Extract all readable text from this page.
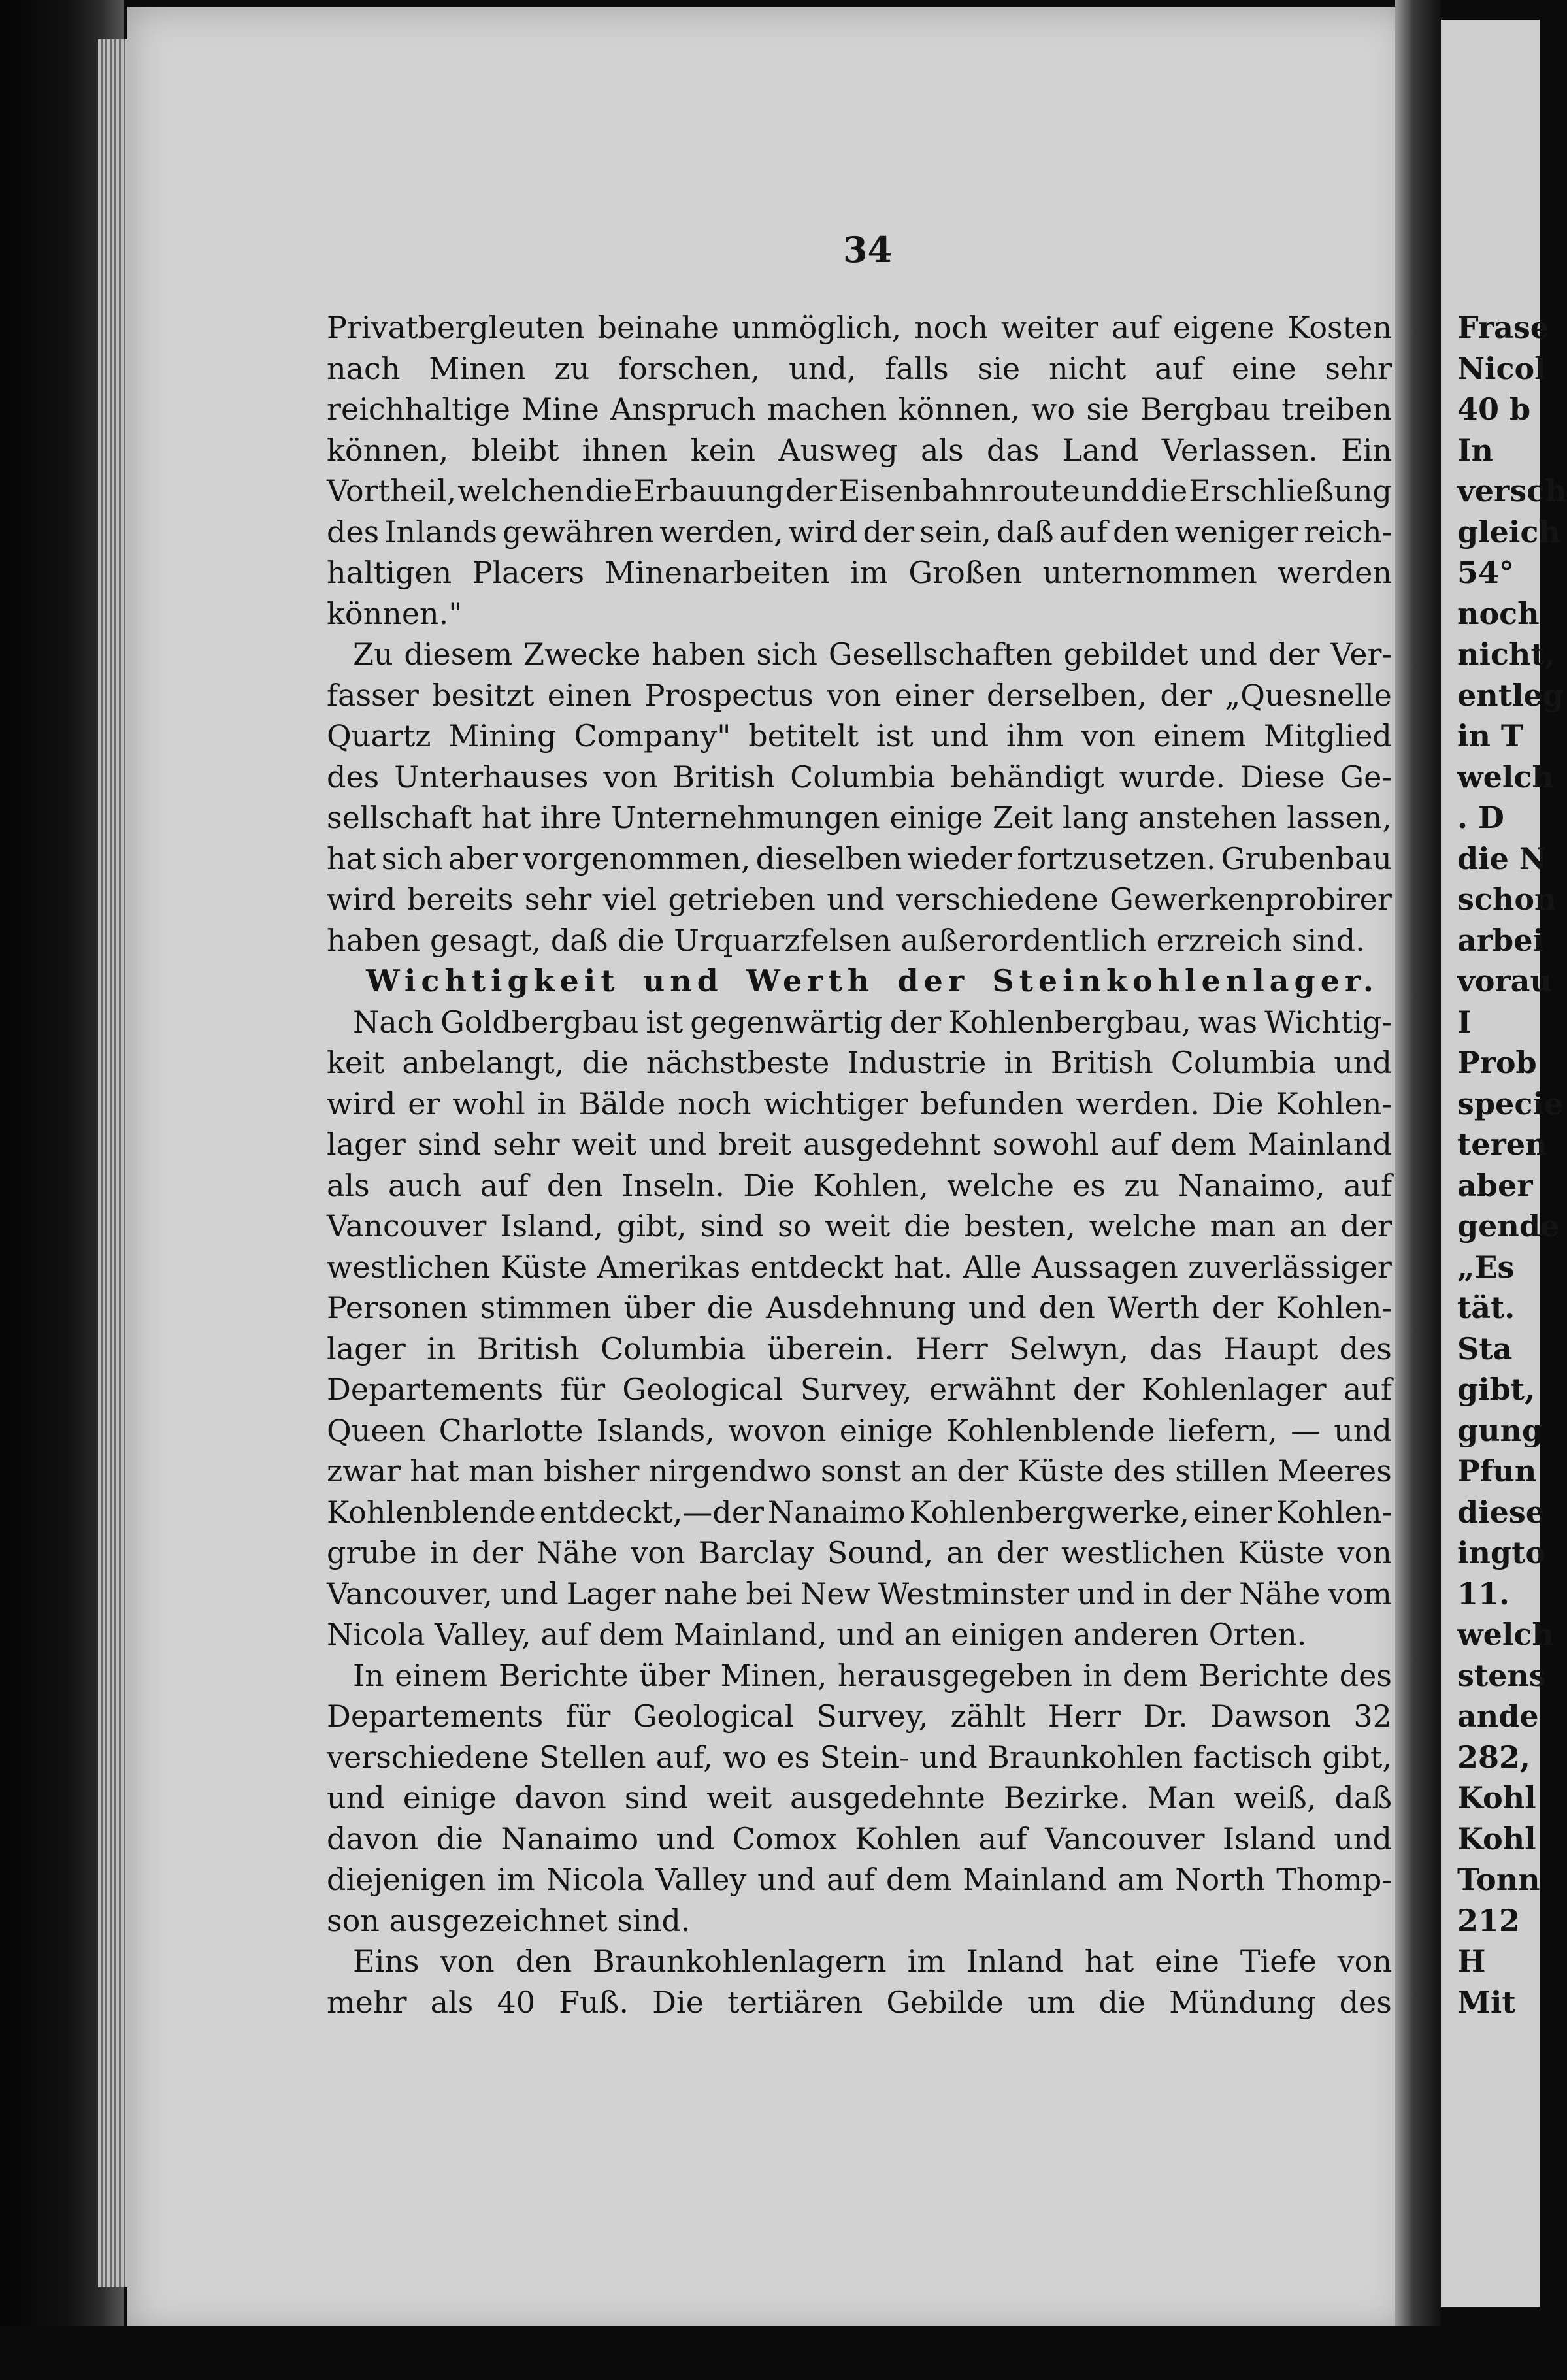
34
Privatbergleuten beinahe unmöglich, noch weiter auf eigene Kosten
nach Minen zu forschen, und, falls sie nicht auf eine sehr
reichhaltige Mine Anspruch machen können, wo sie Bergbau treiben
können, bleibt ihnen kein Ausweg als das Land Verlassen. Ein
Vortheil, welchen die Erbauung der Eisenbahnroute und die Erschließung
des Inlands gewähren werden, wird der sein, daß auf den weniger reich-
haltigen Placers Minenarbeiten im Großen unternommen werden
können."
Zu diesem Zwecke haben sich Gesellschaften gebildet und der Ver-
fasser besitzt einen Prospectus von einer derselben, der „Quesnelle
Quartz Mining Company" betitelt ist und ihm von einem Mitglied
des Unterhauses von British Columbia behändigt wurde. Diese Ge-
sellschaft hat ihre Unternehmungen einige Zeit lang anstehen lassen,
hat sich aber vorgenommen, dieselben wieder fortzusetzen. Grubenbau
wird bereits sehr viel getrieben und verschiedene Gewerkenprobirer
haben gesagt, daß die Urquarzfelsen außerordentlich erzreich sind.
Wichtigkeit und Werth der Steinkohlenlager.
Nach Goldbergbau ist gegenwärtig der Kohlenbergbau, was Wichtig-
keit anbelangt, die nächstbeste Industrie in British Columbia und
wird er wohl in Bälde noch wichtiger befunden werden. Die Kohlen-
lager sind sehr weit und breit ausgedehnt sowohl auf dem Mainland
als auch auf den Inseln. Die Kohlen, welche es zu Nanaimo, auf
Vancouver Island, gibt, sind so weit die besten, welche man an der
westlichen Küste Amerikas entdeckt hat. Alle Aussagen zuverlässiger
Personen stimmen über die Ausdehnung und den Werth der Kohlen-
lager in British Columbia überein. Herr Selwyn, das Haupt des
Departements für Geological Survey, erwähnt der Kohlenlager auf
Queen Charlotte Islands, wovon einige Kohlenblende liefern, — und
zwar hat man bisher nirgendwo sonst an der Küste des stillen Meeres
Kohlenblende entdeckt,—der Nanaimo Kohlenbergwerke, einer Kohlen-
grube in der Nähe von Barclay Sound, an der westlichen Küste von
Vancouver, und Lager nahe bei New Westminster und in der Nähe vom
Nicola Valley, auf dem Mainland, und an einigen anderen Orten.
In einem Berichte über Minen, herausgegeben in dem Berichte des
Departements für Geological Survey, zählt Herr Dr. Dawson 32
verschiedene Stellen auf, wo es Stein- und Braunkohlen factisch gibt,
und einige davon sind weit ausgedehnte Bezirke. Man weiß, daß
davon die Nanaimo und Comox Kohlen auf Vancouver Island und
diejenigen im Nicola Valley und auf dem Mainland am North Thomp-
son ausgezeichnet sind.
Eins von den Braunkohlenlagern im Inland hat eine Tiefe von
mehr als 40 Fuß. Die tertiären Gebilde um die Mündung des
Frase
Nicol
40 b
In
versch
gleich
54°
noch
nicht,
entleg
in T
welch
. D
die N
schon
arbei
vorau
I
Prob
specie
teren
aber
gende
„Es
tät.
Sta
gibt,
gung
Pfun
diese
ingto
11.
welch
stens
ande
282,
Kohl
Kohl
Tonn
212
H
Mit
